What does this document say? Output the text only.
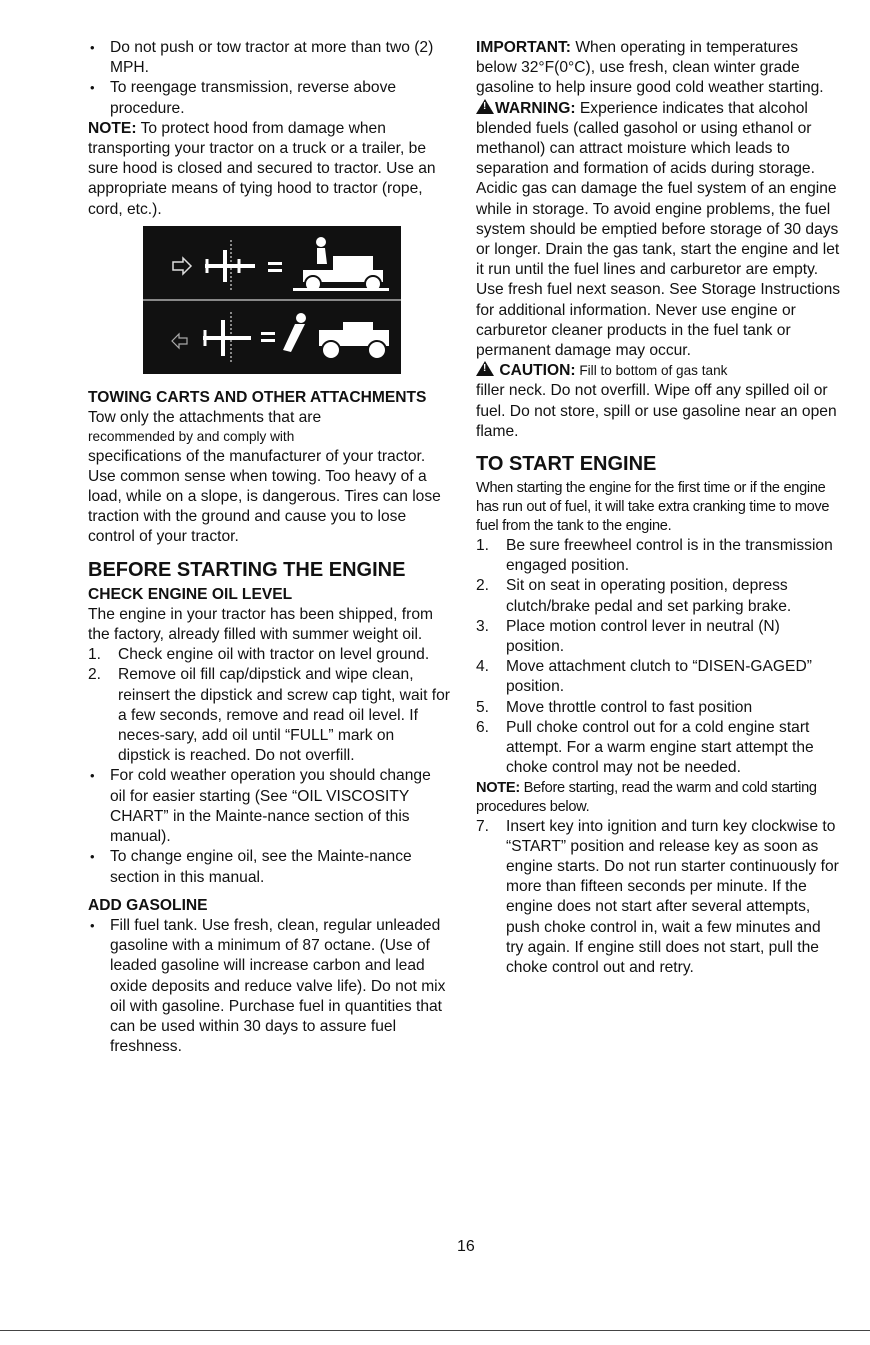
• Do not push or tow tractor at more than two (2) MPH.

• To reengage transmission, reverse above procedure.

NOTE: To protect hood from damage when transporting your tractor on a truck or a trailer, be sure hood is closed and secured to tractor. Use an appropriate means of tying hood to tractor (rope, cord, etc.).

TOWING CARTS AND OTHER ATTACHMENTS

Tow only the attachments that are

recommended by and comply with

specifications of the manufacturer of your tractor. Use common sense when towing. Too heavy of a load, while on a slope, is dangerous. Tires can lose traction with the ground and cause you to lose control of your tractor.

BEFORE STARTING THE ENGINE

CHECK ENGINE OIL LEVEL

The engine in your tractor has been shipped, from the factory, already filled with summer weight oil.

1. Check engine oil with tractor on level ground.

2. Remove oil fill cap/dipstick and wipe clean, reinsert the dipstick and screw cap tight, wait for a few seconds, remove and read oil level. If neces-sary, add oil until “FULL” mark on dipstick is reached. Do not overfill.

• For cold weather operation you should change oil for easier starting (See “OIL VISCOSITY CHART” in the Mainte-nance section of this manual).

• To change engine oil, see the Mainte-nance section in this manual.

ADD GASOLINE

• Fill fuel tank. Use fresh, clean, regular unleaded gasoline with a minimum of 87 octane. (Use of leaded gasoline will increase carbon and lead oxide deposits and reduce valve life). Do not mix oil with gasoline. Purchase fuel in quantities that can be used within 30 days to assure fuel freshness.

IMPORTANT: When operating in temperatures below 32°F(0°C), use fresh, clean winter grade gasoline to help insure good cold weather starting.

!WARNING: Experience indicates that alcohol blended fuels (called gasohol or using ethanol or methanol) can attract moisture which leads to separation and formation of acids during storage. Acidic gas can damage the fuel system of an engine while in storage. To avoid engine problems, the fuel system should be emptied before storage of 30 days or longer. Drain the gas tank, start the engine and let it run until the fuel lines and carburetor are empty. Use fresh fuel next season. See Storage Instructions for additional information. Never use engine or carburetor cleaner products in the fuel tank or permanent damage may occur.

! CAUTION: Fill to bottom of gas tank
filler neck. Do not overfill. Wipe off any spilled oil or fuel. Do not store, spill or use gasoline near an open flame.

TO START ENGINE

When starting the engine for the first time or if the engine has run out of fuel, it will take extra cranking time to move fuel from the tank to the engine.

1. Be sure freewheel control is in the transmission engaged position.

2. Sit on seat in operating position, depress clutch/brake pedal and set parking brake.

3. Place motion control lever in neutral (N) position.

4. Move attachment clutch to “DISEN-GAGED” position.

5. Move throttle control to fast position

6. Pull choke control out for a cold engine start attempt. For a warm engine start attempt the choke control may not be needed.

NOTE: Before starting, read the warm and cold starting procedures below.

7. Insert key into ignition and turn key clockwise to “START” position and release key as soon as engine starts. Do not run starter continuously for more than fifteen seconds per minute. If the engine does not start after several attempts, push choke control in, wait a few minutes and try again. If engine still does not start, pull the choke control out and retry.

16
